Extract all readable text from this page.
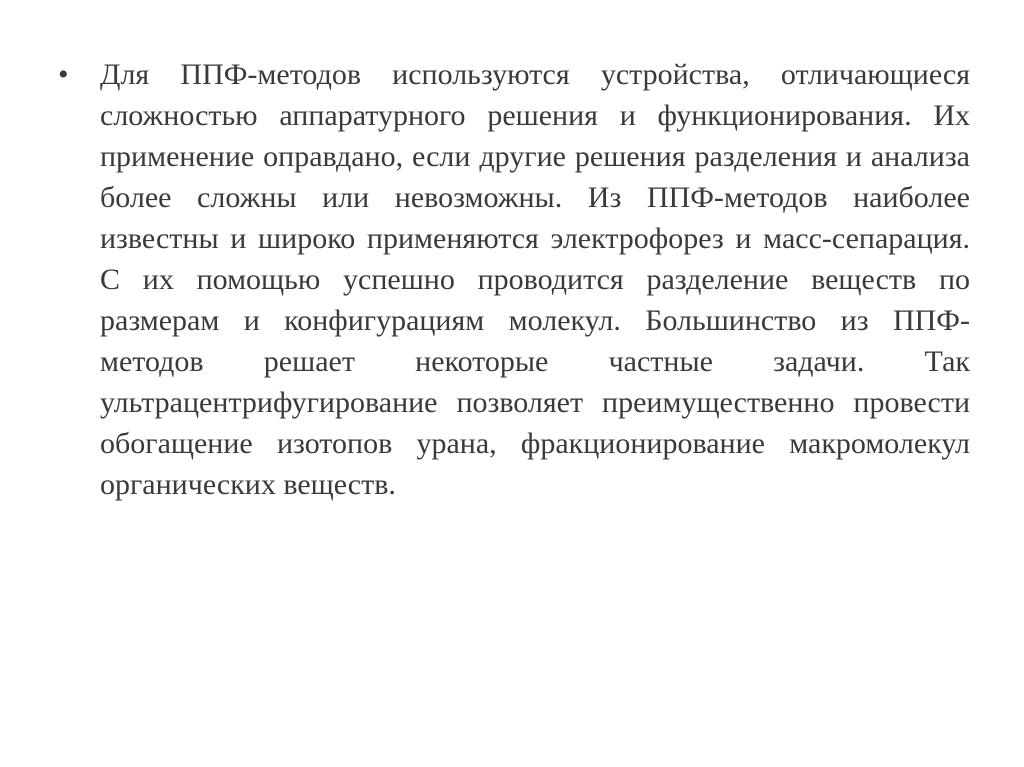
•	Для ППФ-методов используются устройства, отличающиеся сложностью аппаратурного решения и функционирования. Их применение оправдано, если другие решения разделения и анализа более сложны или невозможны. Из ППФ-методов наиболее известны и широко применяются электрофорез и масс-сепарация. С их помощью успешно проводится разделение веществ по размерам и конфигурациям молекул. Большинство из ППФ-методов решает некоторые частные задачи. Так ультрацентрифугирование позволяет преимущественно провести обогащение изотопов урана, фракционирование макромолекул органических веществ.
